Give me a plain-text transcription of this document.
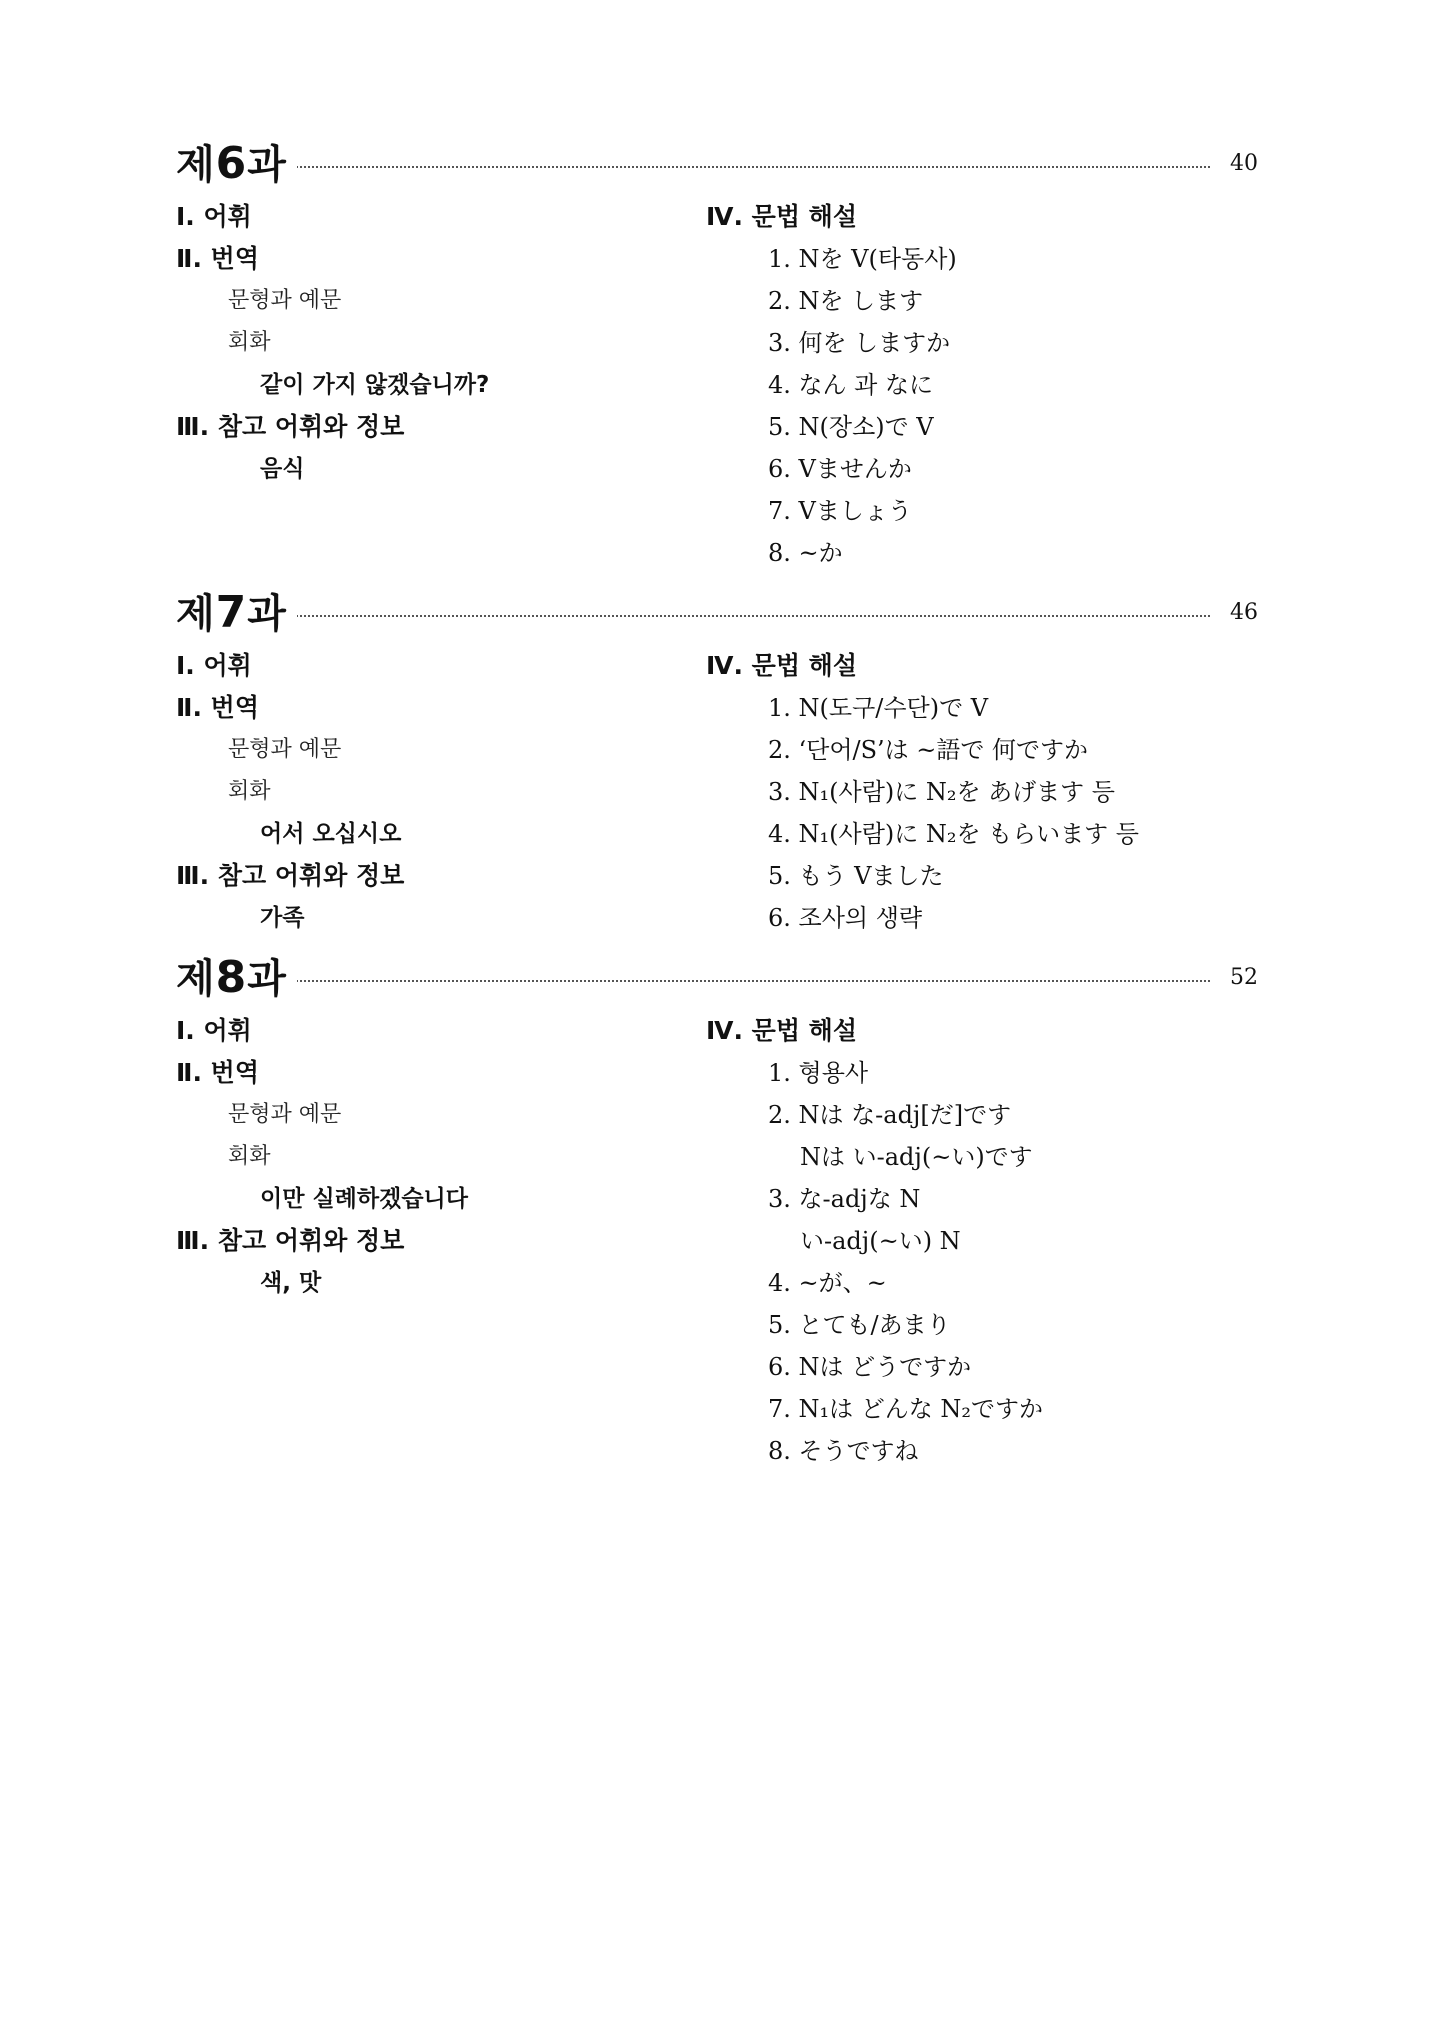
제6과	40
Ⅰ. 어휘
Ⅱ. 번역
문형과 예문
회화
같이 가지 않겠습니까?
Ⅲ. 참고 어휘와 정보
음식
Ⅳ. 문법 해설
1. Nを V(타동사)
2. Nを します
3. 何を しますか
4. なん 과 なに
5. N(장소)で V
6. Vませんか
7. Vましょう
8. ~か
제7과	46
Ⅰ. 어휘
Ⅱ. 번역
문형과 예문
회화
어서 오십시오
Ⅲ. 참고 어휘와 정보
가족
Ⅳ. 문법 해설
1. N(도구/수단)で V
2. ‘단어/S’は ~語で 何ですか
3. N₁(사람)に N₂を あげます 등
4. N₁(사람)に N₂を もらいます 등
5. もう Vました
6. 조사의 생략
제8과	52
Ⅰ. 어휘
Ⅱ. 번역
문형과 예문
회화
이만 실례하겠습니다
Ⅲ. 참고 어휘와 정보
색, 맛
Ⅳ. 문법 해설
1. 형용사
2. Nは な-adj[だ]です
Nは い-adj(~い)です
3. な-adjな N
い-adj(~い) N
4. ~が、~
5. とても/あまり
6. Nは どうですか
7. N₁は どんな N₂ですか
8. そうですね
